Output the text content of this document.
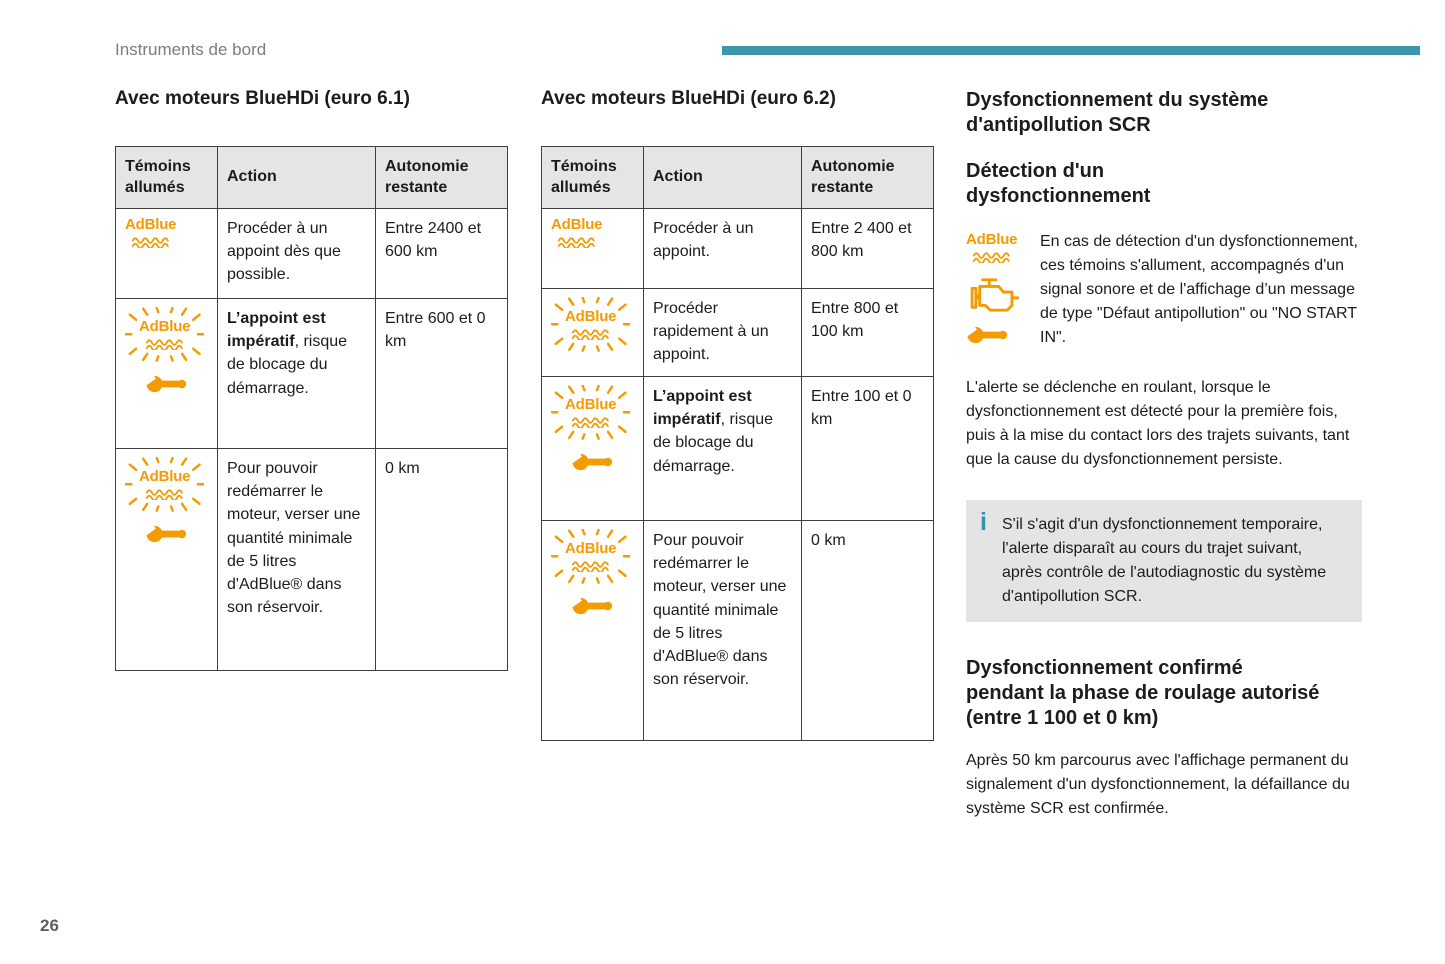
Instruments de bord
Avec moteurs BlueHDi (euro 6.1)
Témoins allumés	Action	Autonomie restante

AdBlue	Procéder à un appoint dès que possible.	Entre 2400 et 600 km

AdBlue	L’appoint est impératif, risque de blocage du démarrage.	Entre 600 et 0 km

AdBlue	Pour pouvoir redémarrer le moteur, verser une quantité minimale de 5 litres d'AdBlue® dans son réservoir.	0 km
Avec moteurs BlueHDi (euro 6.2)
Témoins allumés	Action	Autonomie restante

AdBlue	Procéder à un appoint.	Entre 2 400 et 800 km

AdBlue	Procéder rapidement à un appoint.	Entre 800 et 100 km

AdBlue	L’appoint est impératif, risque de blocage du démarrage.	Entre 100 et 0 km

AdBlue	Pour pouvoir redémarrer le moteur, verser une quantité minimale de 5 litres d'AdBlue® dans son réservoir.	0 km
Dysfonctionnement du système d'antipollution SCR
Détection d'un dysfonctionnement
AdBlue En cas de détection d'un dysfonctionnement, ces témoins s'allument, accompagnés d'un signal sonore et de l'affichage d’un message de type "Défaut antipollution" ou "NO START IN".

L'alerte se déclenche en roulant, lorsque le dysfonctionnement est détecté pour la première fois, puis à la mise du contact lors des trajets suivants, tant que la cause du dysfonctionnement persiste.

i S'il s'agit d'un dysfonctionnement temporaire, l'alerte disparaît au cours du trajet suivant, après contrôle de l'autodiagnostic du système d'antipollution SCR.
Dysfonctionnement confirmé pendant la phase de roulage autorisé (entre 1 100 et 0 km)

Après 50 km parcourus avec l'affichage permanent du signalement d'un dysfonctionnement, la défaillance du système SCR est confirmée.

26
